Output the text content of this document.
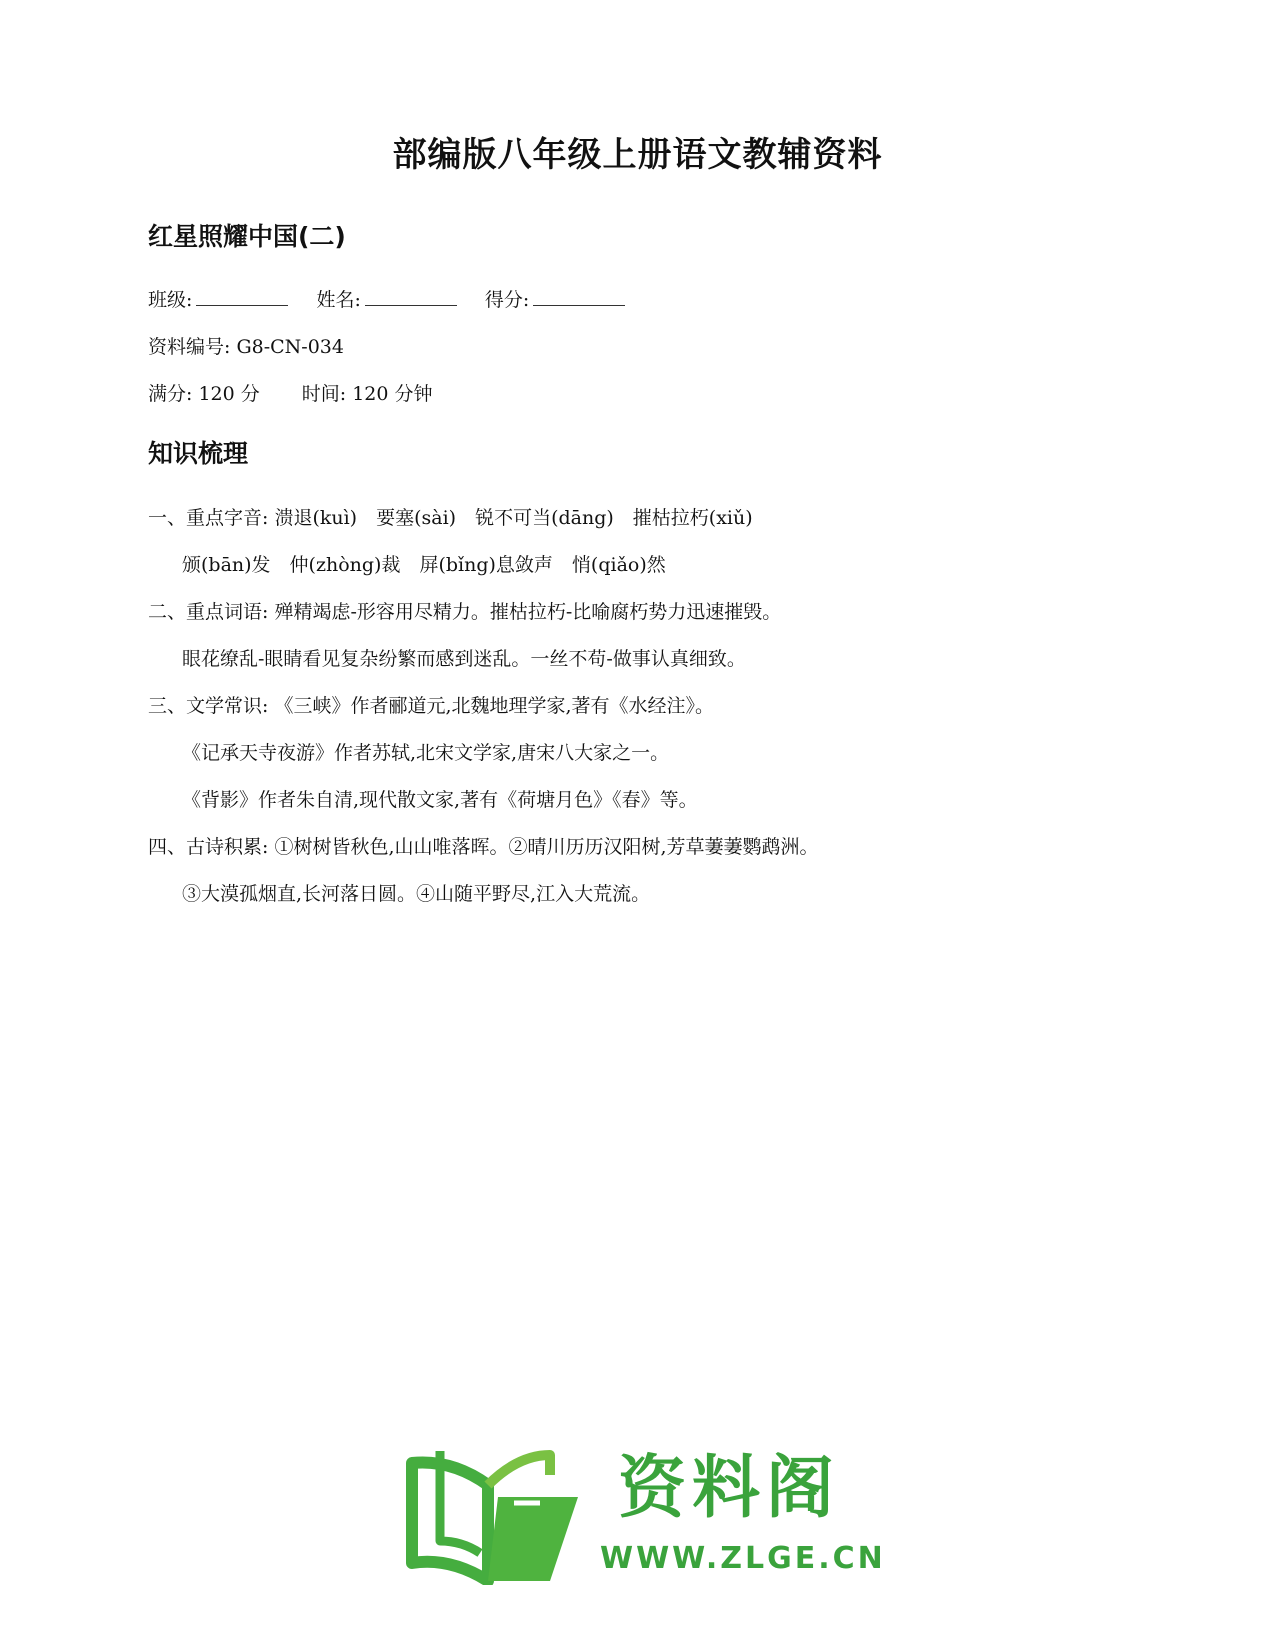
部编版八年级上册语文教辅资料
红星照耀中国(二)
班级:	姓名:	得分:
资料编号: G8-CN-034
满分: 120 分 时间: 120 分钟
知识梳理
一、重点字音: 溃退(kuì)　要塞(sài)　锐不可当(dāng)　摧枯拉朽(xiǔ)
颁(bān)发　仲(zhòng)裁　屏(bǐng)息敛声　悄(qiǎo)然
二、重点词语: 殚精竭虑-形容用尽精力。摧枯拉朽-比喻腐朽势力迅速摧毁。
眼花缭乱-眼睛看见复杂纷繁而感到迷乱。一丝不苟-做事认真细致。
三、文学常识: 《三峡》作者郦道元,北魏地理学家,著有《水经注》。
《记承天寺夜游》作者苏轼,北宋文学家,唐宋八大家之一。
《背影》作者朱自清,现代散文家,著有《荷塘月色》《春》等。
四、古诗积累: ①树树皆秋色,山山唯落晖。②晴川历历汉阳树,芳草萋萋鹦鹉洲。
③大漠孤烟直,长河落日圆。④山随平野尽,江入大荒流。
资料阁
WWW.ZLGE.CN
